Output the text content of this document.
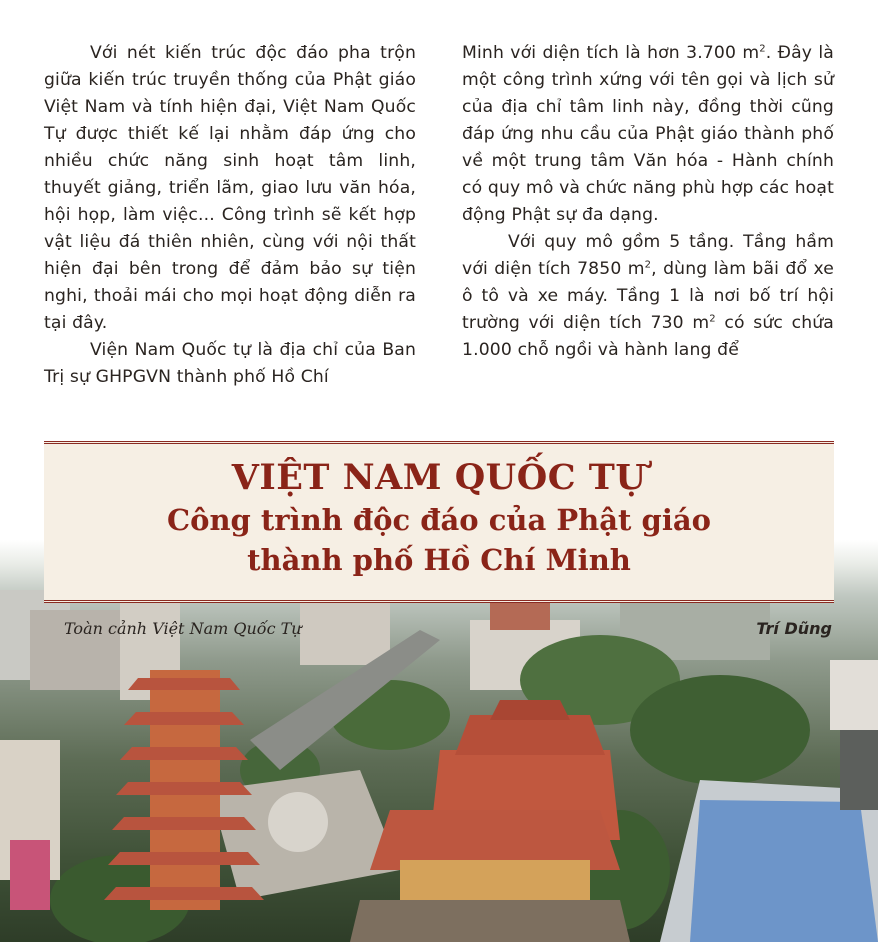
Với nét kiến trúc độc đáo pha trộn giữa kiến trúc truyền thống của Phật giáo Việt Nam và tính hiện đại, Việt Nam Quốc Tự được thiết kế lại nhằm đáp ứng cho nhiều chức năng sinh hoạt tâm linh, thuyết giảng, triển lãm, giao lưu văn hóa, hội họp, làm việc... Công trình sẽ kết hợp vật liệu đá thiên nhiên, cùng với nội thất hiện đại bên trong để đảm bảo sự tiện nghi, thoải mái cho mọi hoạt động diễn ra tại đây.

Viện Nam Quốc tự là địa chỉ của Ban Trị sự GHPGVN thành phố Hồ Chí

Minh với diện tích là hơn 3.700 $m^2$. Đây là một công trình xứng với tên gọi và lịch sử của địa chỉ tâm linh này, đồng thời cũng đáp ứng nhu cầu của Phật giáo thành phố về một trung tâm Văn hóa - Hành chính có quy mô và chức năng phù hợp các hoạt động Phật sự đa dạng.

Với quy mô gồm 5 tầng. Tầng hầm với diện tích 7850 $m^2$, dùng làm bãi đổ xe ô tô và xe máy. Tầng 1 là nơi bố trí hội trường với diện tích 730 $m^2$ có sức chứa 1.000 chỗ ngồi và hành lang để

VIỆT NAM QUỐC TỰ
Công trình độc đáo của Phật giáo
thành phố Hồ Chí Minh
Toàn cảnh Việt Nam Quốc Tự	Trí Dũng
